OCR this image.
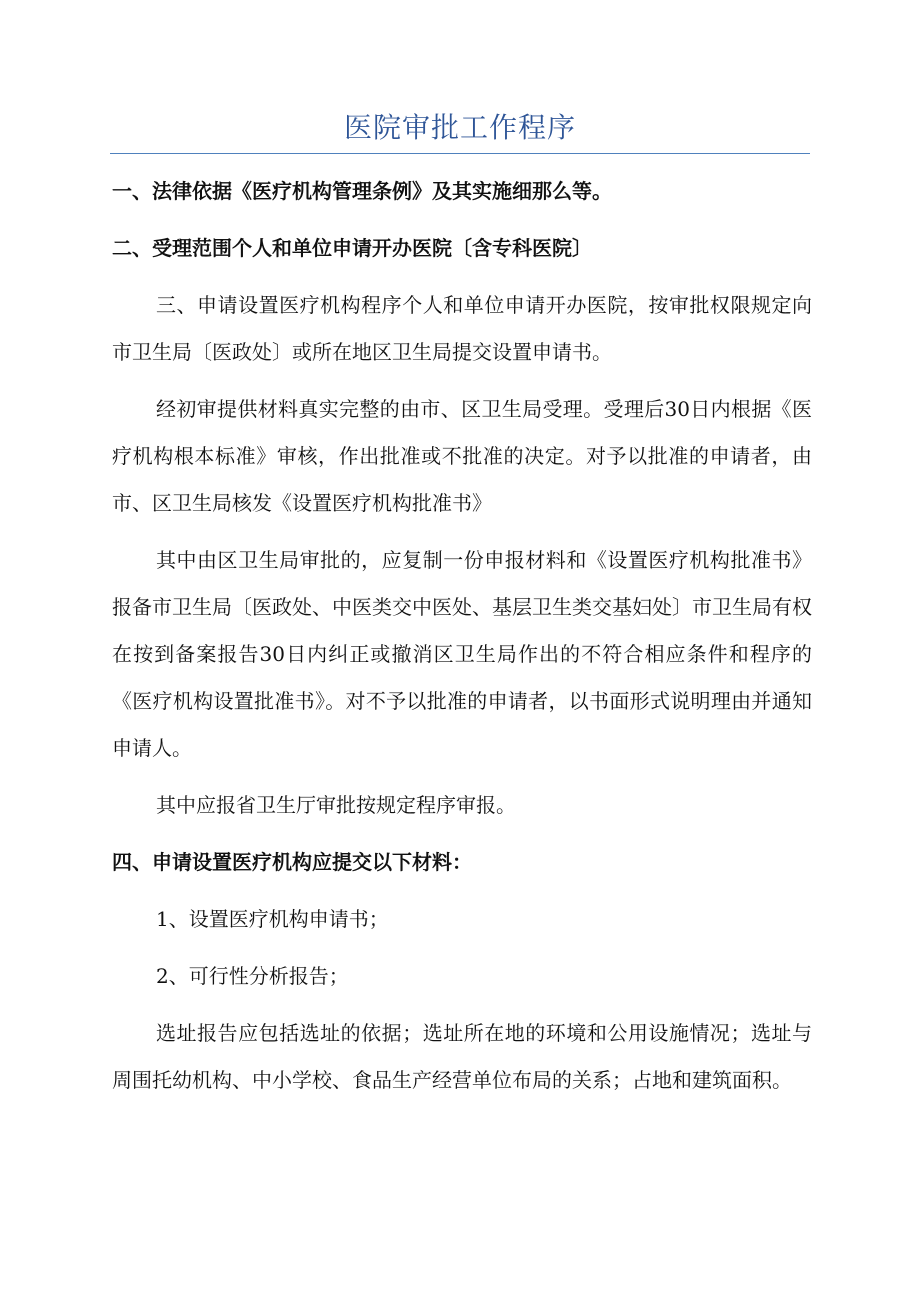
医院审批工作程序

一、法律依据《医疗机构管理条例》及其实施细那么等。

二、受理范围个人和单位申请开办医院〔含专科医院〕

三、申请设置医疗机构程序个人和单位申请开办医院，按审批权限规定向市卫生局〔医政处〕或所在地区卫生局提交设置申请书。

经初审提供材料真实完整的由市、区卫生局受理。受理后30日内根据《医疗机构根本标准》审核，作出批准或不批准的决定。对予以批准的申请者，由市、区卫生局核发《设置医疗机构批准书》

其中由区卫生局审批的，应复制一份申报材料和《设置医疗机构批准书》报备市卫生局〔医政处、中医类交中医处、基层卫生类交基妇处〕市卫生局有权在按到备案报告30日内纠正或撤消区卫生局作出的不符合相应条件和程序的《医疗机构设置批准书》。对不予以批准的申请者，以书面形式说明理由并通知申请人。

其中应报省卫生厅审批按规定程序审报。

四、申请设置医疗机构应提交以下材料：

1、设置医疗机构申请书；

2、可行性分析报告；

选址报告应包括选址的依据；选址所在地的环境和公用设施情况；选址与周围托幼机构、中小学校、食品生产经营单位布局的关系；占地和建筑面积。
